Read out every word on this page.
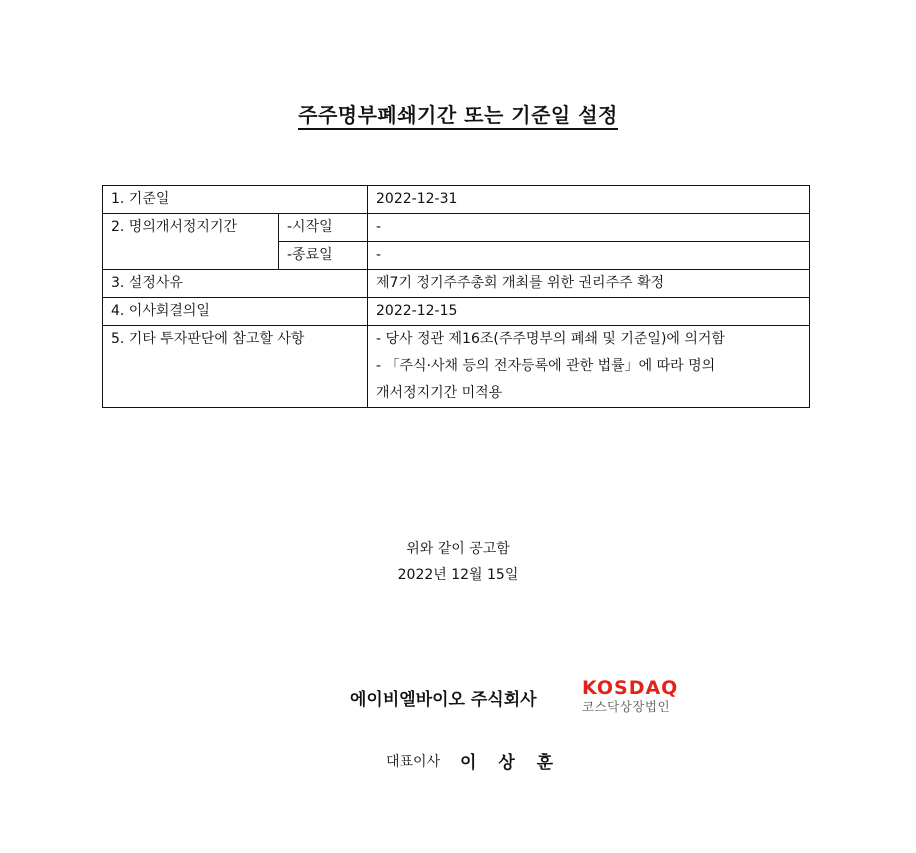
주주명부폐쇄기간 또는 기준일 설정
1. 기준일		2022-12-31
2. 명의개서정지기간	-시작일	-
	-종료일	-
3. 설정사유		제7기 정기주주총회 개최를 위한 권리주주 확정
4. 이사회결의일		2022-12-15
5. 기타 투자판단에 참고할 사항		- 당사 정관 제16조(주주명부의 폐쇄 및 기준일)에 의거함
- 「주식·사채 등의 전자등록에 관한 법률」에 따라 명의
개서정지기간 미적용
위와 같이 공고함
2022년 12월 15일
에이비엘바이오 주식회사
KOSDAQ
코스닥상장법인
대표이사 이 상 훈
